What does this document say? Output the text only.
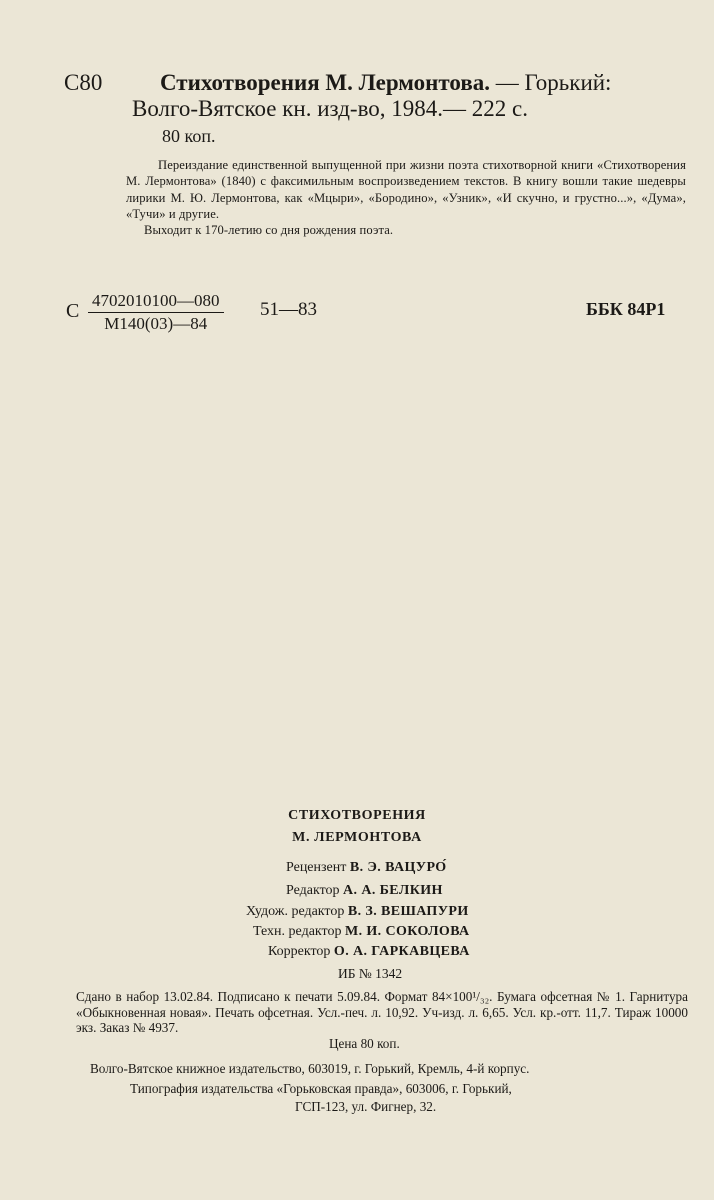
С80	Стихотворения М. Лермонтова. — Горький:
Волго-Вятское кн. изд-во, 1984.— 222 с.
80 коп.

Переиздание единственной выпущенной при жизни поэта стихотворной книги «Стихотворения М. Лермонтова» (1840) с факсимильным воспроизведением текстов. В книгу вошли такие шедевры лирики М. Ю. Лермонтова, как «Мцыри», «Бородино», «Узник», «И скучно, и грустно...», «Дума», «Тучи» и другие.

Выходит к 170-летию со дня рождения поэта.

С 4702010100—080
М140(03)—84
51—83	ББК 84Р1
СТИХОТВОРЕНИЯ
М. ЛЕРМОНТОВА
Рецензент В. Э. ВАЦУРО́
Редактор А. А. БЕЛКИН
Худож. редактор В. З. ВЕШАПУРИ
Техн. редактор М. И. СОКОЛОВА
Корректор О. А. ГАРКАВЦЕВА
ИБ № 1342

Сдано в набор 13.02.84. Подписано к печати 5.09.84. Формат 84×100¹/₃₂. Бумага офсетная № 1. Гарнитура «Обыкновенная новая». Печать офсетная. Усл.-печ. л. 10,92. Уч-изд. л. 6,65. Усл. кр.-отт. 11,7. Тираж 10000 экз. Заказ № 4937.

Цена 80 коп.

Волго-Вятское книжное издательство, 603019, г. Горький, Кремль, 4-й корпус.
Типография издательства «Горьковская правда», 603006, г. Горький,
ГСП-123, ул. Фигнер, 32.
